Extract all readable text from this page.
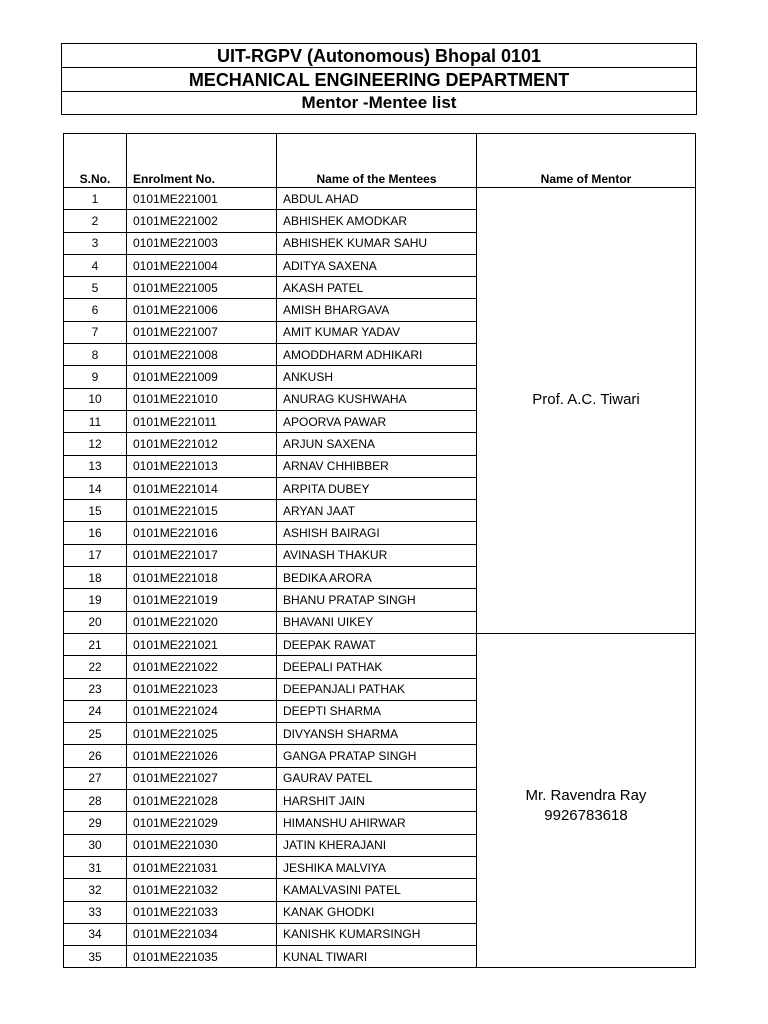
UIT-RGPV (Autonomous) Bhopal 0101
MECHANICAL ENGINEERING DEPARTMENT
Mentor -Mentee list
S.No.	Enrolment No.	Name of the Mentees	Name of Mentor
1	0101ME221001	ABDUL AHAD	Prof. A.C. Tiwari

2	0101ME221002	ABHISHEK AMODKAR	
3	0101ME221003	ABHISHEK KUMAR SAHU	
4	0101ME221004	ADITYA SAXENA	
5	0101ME221005	AKASH PATEL	
6	0101ME221006	AMISH BHARGAVA	
7	0101ME221007	AMIT KUMAR YADAV	
8	0101ME221008	AMODDHARM ADHIKARI	
9	0101ME221009	ANKUSH	
10	0101ME221010	ANURAG KUSHWAHA	
11	0101ME221011	APOORVA PAWAR	
12	0101ME221012	ARJUN SAXENA	
13	0101ME221013	ARNAV CHHIBBER	
14	0101ME221014	ARPITA DUBEY	
15	0101ME221015	ARYAN JAAT	
16	0101ME221016	ASHISH BAIRAGI	
17	0101ME221017	AVINASH THAKUR	
18	0101ME221018	BEDIKA ARORA	
19	0101ME221019	BHANU PRATAP SINGH	
20	0101ME221020	BHAVANI UIKEY	
21	0101ME221021	DEEPAK RAWAT	Mr. Ravendra Ray
9926783618

22	0101ME221022	DEEPALI PATHAK	
23	0101ME221023	DEEPANJALI PATHAK	
24	0101ME221024	DEEPTI SHARMA	
25	0101ME221025	DIVYANSH SHARMA	
26	0101ME221026	GANGA PRATAP SINGH	
27	0101ME221027	GAURAV PATEL	
28	0101ME221028	HARSHIT JAIN	
29	0101ME221029	HIMANSHU AHIRWAR	
30	0101ME221030	JATIN KHERAJANI	
31	0101ME221031	JESHIKA MALVIYA	
32	0101ME221032	KAMALVASINI PATEL	
33	0101ME221033	KANAK GHODKI	
34	0101ME221034	KANISHK KUMARSINGH	
35	0101ME221035	KUNAL TIWARI	
